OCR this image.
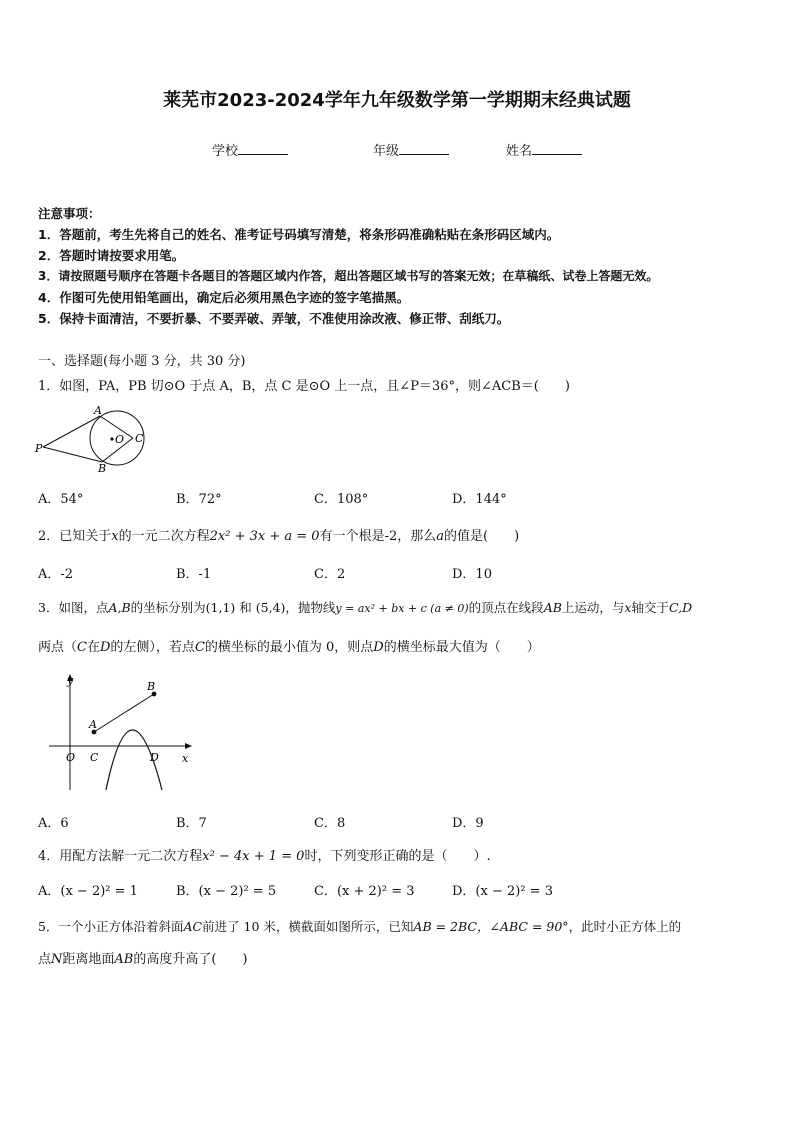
莱芜市2023-2024学年九年级数学第一学期期末经典试题
学校	年级	姓名
注意事项：
1．答题前，考生先将自己的姓名、准考证号码填写清楚，将条形码准确粘贴在条形码区域内。
2．答题时请按要求用笔。
3．请按照题号顺序在答题卡各题目的答题区域内作答，超出答题区域书写的答案无效；在草稿纸、试卷上答题无效。
4．作图可先使用铅笔画出，确定后必须用黑色字迹的签字笔描黑。
5．保持卡面清洁，不要折暴、不要弄破、弄皱，不准使用涂改液、修正带、刮纸刀。
一、选择题(每小题 3 分，共 30 分)
1．如图，PA，PB 切⊙O 于点 A，B，点 C 是⊙O 上一点，且∠P＝36°，则∠ACB＝(　　)
A
B
C
O
P
A．54°	B．72°	C．108°	D．144°
2．已知关于x的一元二次方程2x² + 3x + a = 0有一个根是-2，那么a的值是(　　)
A．-2	B．-1	C．2	D．10
3．如图，点A,B的坐标分别为(1,1) 和 (5,4)，抛物线y = ax² + bx + c (a ≠ 0)的顶点在线段AB上运动，与x轴交于C,D
两点（C在D的左侧），若点C的横坐标的最小值为 0，则点D的横坐标最大值为（　　）
y
x
O
A
B
C	D
A．6	B．7	C．8	D．9
4．用配方法解一元二次方程x² − 4x + 1 = 0时，下列变形正确的是（　　）.
A．(x − 2)² = 1	B．(x − 2)² = 5	C．(x + 2)² = 3	D．(x − 2)² = 3
5．一个小正方体沿着斜面AC前进了 10 米，横截面如图所示，已知AB = 2BC，∠ABC = 90°，此时小正方体上的
点N距离地面AB的高度升高了(　　)
